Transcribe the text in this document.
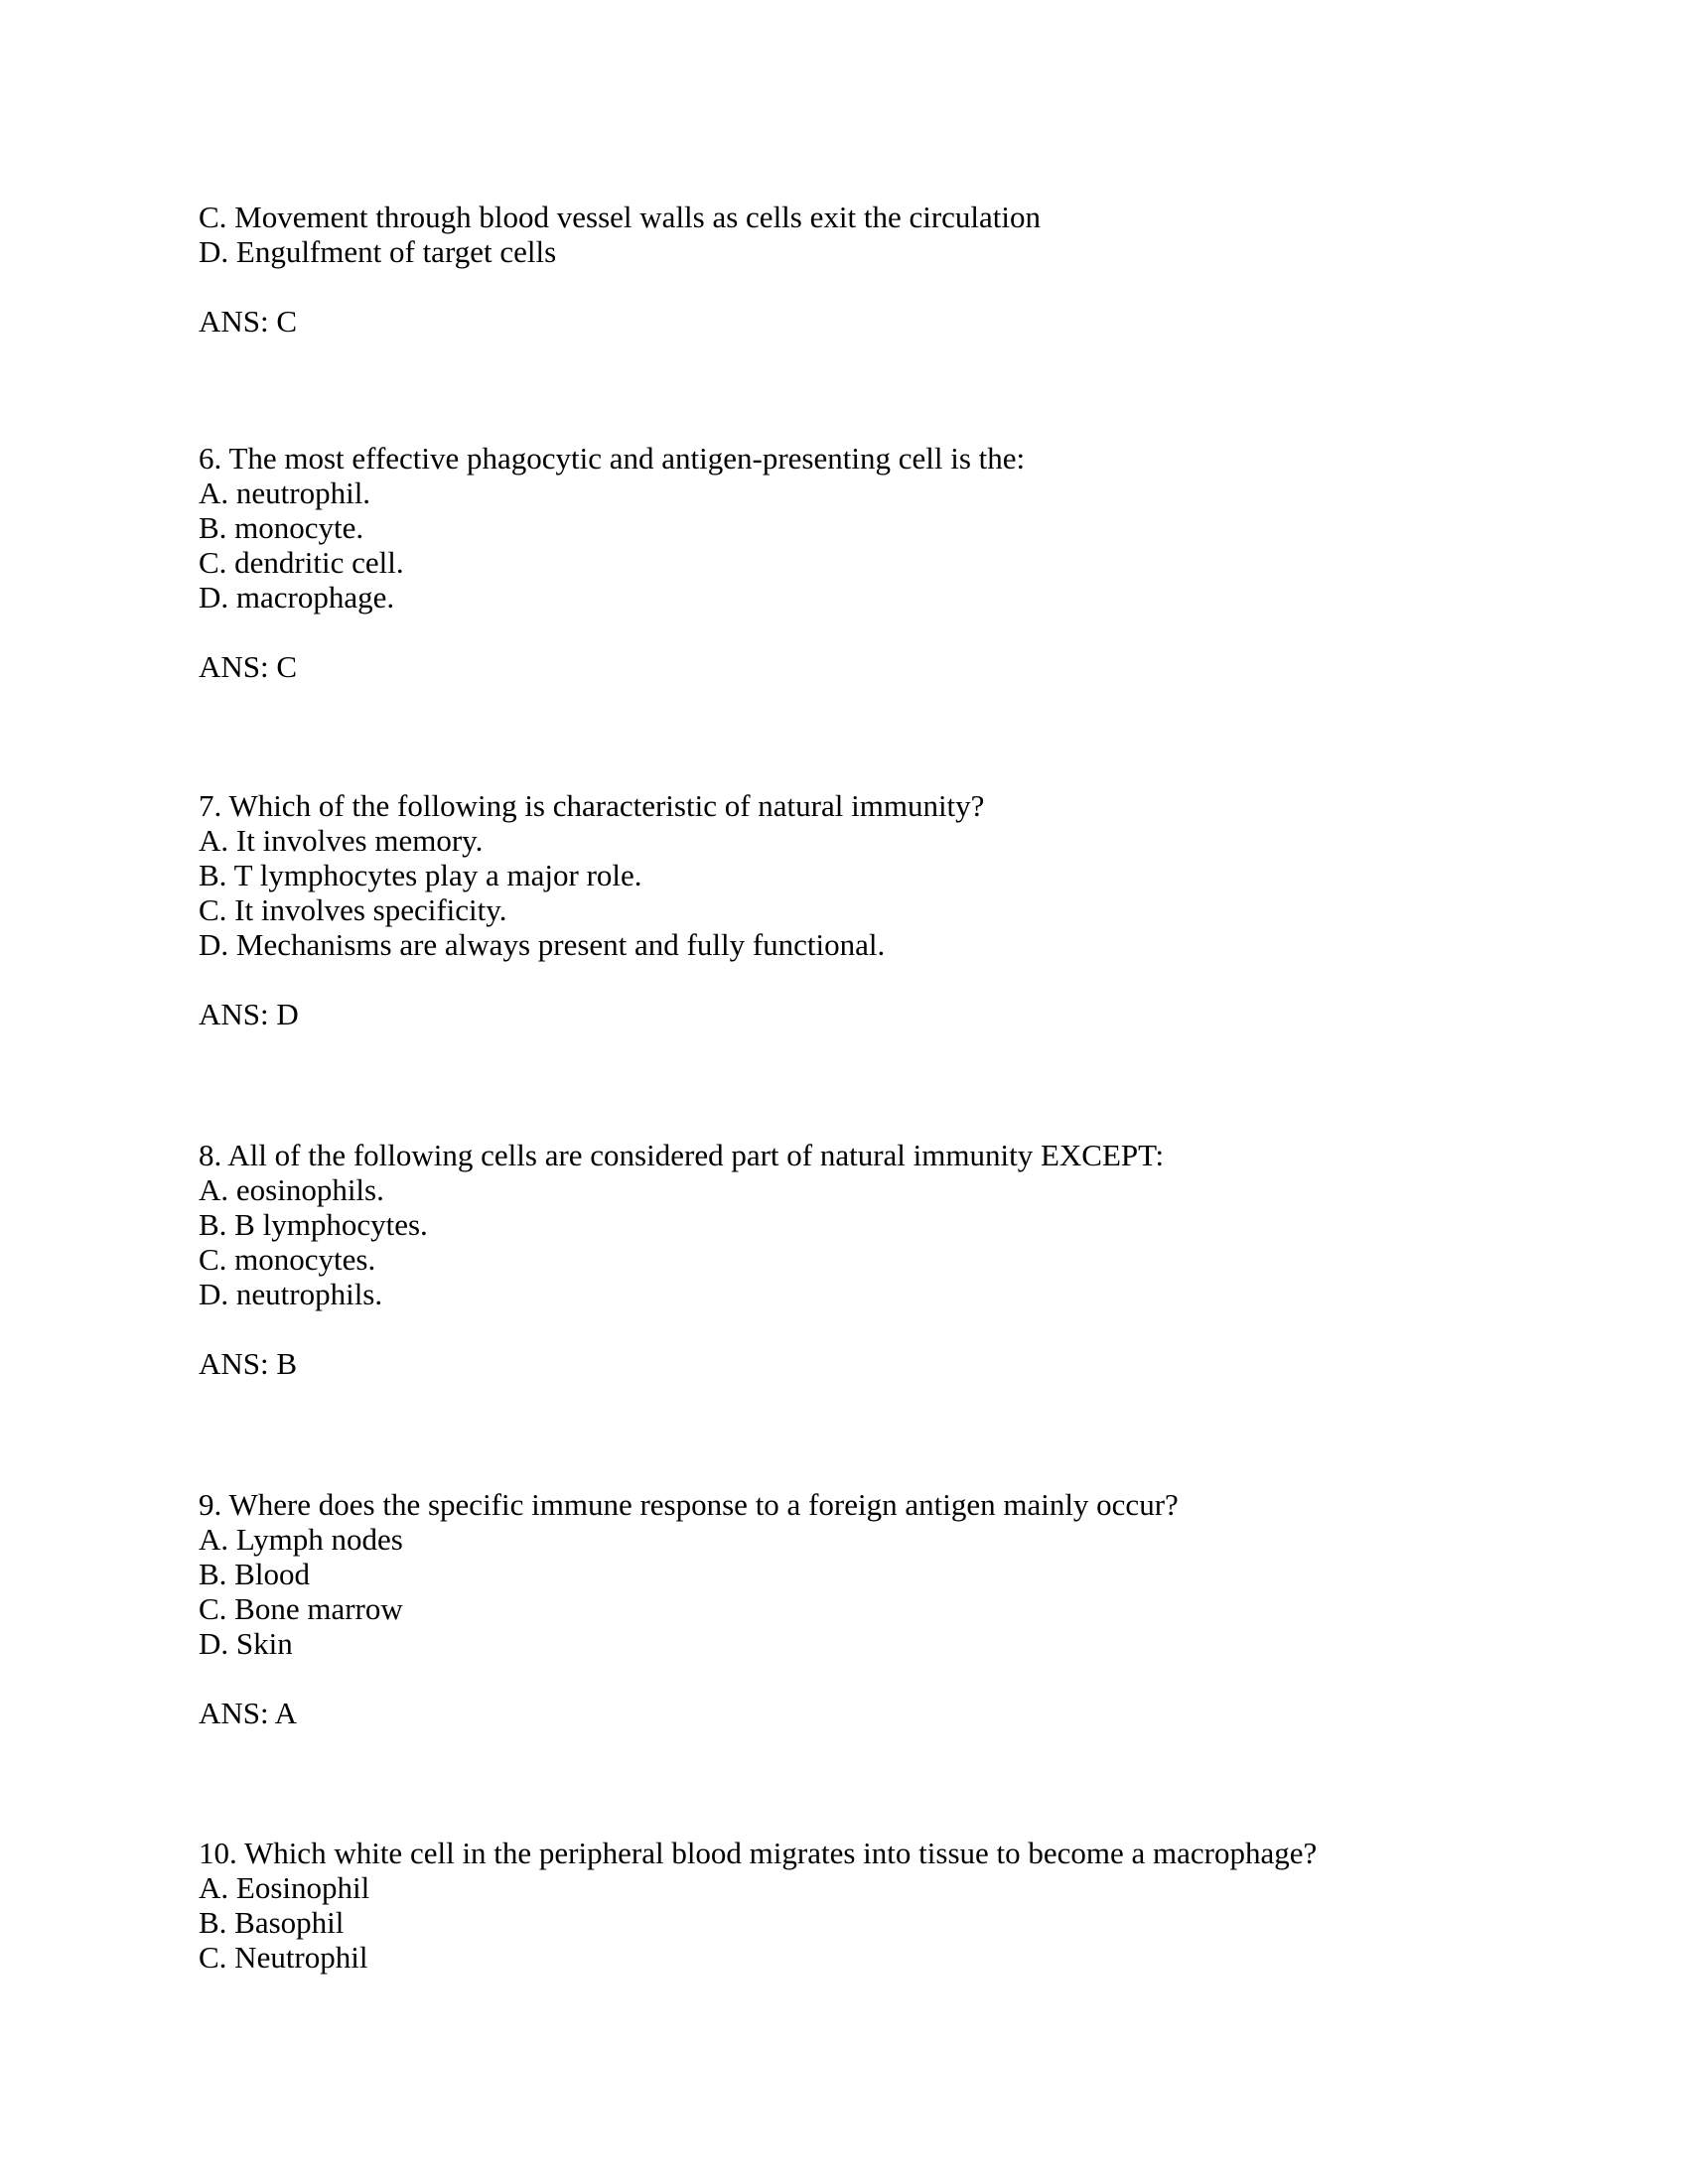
C. Movement through blood vessel walls as cells exit the circulation
D. Engulfment of target cells
ANS: C
6. The most effective phagocytic and antigen-presenting cell is the:
A. neutrophil.
B. monocyte.
C. dendritic cell.
D. macrophage.
ANS: C
7. Which of the following is characteristic of natural immunity?
A. It involves memory.
B. T lymphocytes play a major role.
C. It involves specificity.
D. Mechanisms are always present and fully functional.
ANS: D
8. All of the following cells are considered part of natural immunity EXCEPT:
A. eosinophils.
B. B lymphocytes.
C. monocytes.
D. neutrophils.
ANS: B
9. Where does the specific immune response to a foreign antigen mainly occur?
A. Lymph nodes
B. Blood
C. Bone marrow
D. Skin
ANS: A
10. Which white cell in the peripheral blood migrates into tissue to become a macrophage?
A. Eosinophil
B. Basophil
C. Neutrophil
